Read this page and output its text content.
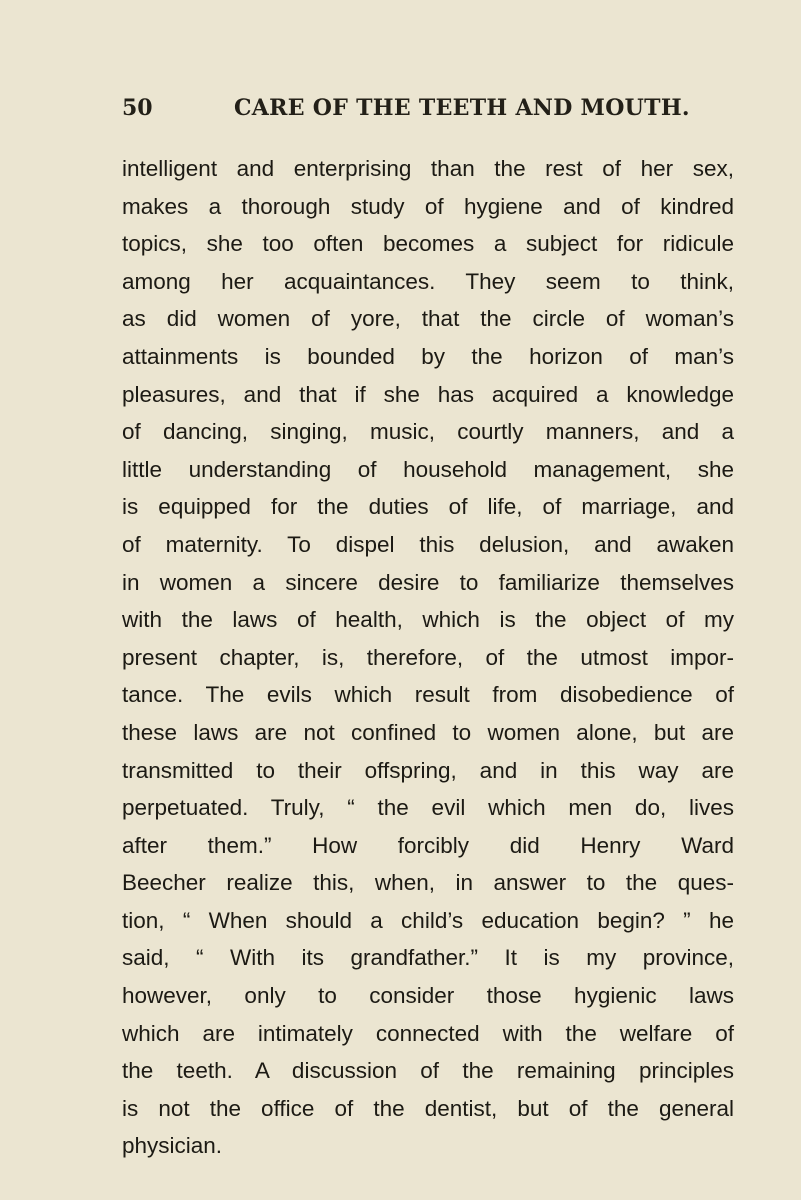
50	CARE OF THE TEETH AND MOUTH.
intelligent and enterprising than the rest of her sex,
makes a thorough study of hygiene and of kindred
topics, she too often becomes a subject for ridicule
among her acquaintances. They seem to think,
as did women of yore, that the circle of woman’s
attainments is bounded by the horizon of man’s
pleasures, and that if she has acquired a knowledge
of dancing, singing, music, courtly manners, and a
little understanding of household management, she
is equipped for the duties of life, of marriage, and
of maternity. To dispel this delusion, and awaken
in women a sincere desire to familiarize themselves
with the laws of health, which is the object of my
present chapter, is, therefore, of the utmost impor-
tance. The evils which result from disobedience of
these laws are not confined to women alone, but are
transmitted to their offspring, and in this way are
perpetuated. Truly, “ the evil which men do, lives
after them.” How forcibly did Henry Ward
Beecher realize this, when, in answer to the ques-
tion, “ When should a child’s education begin? ” he
said, “ With its grandfather.” It is my province,
however, only to consider those hygienic laws
which are intimately connected with the welfare of
the teeth. A discussion of the remaining principles
is not the office of the dentist, but of the general
physician.
